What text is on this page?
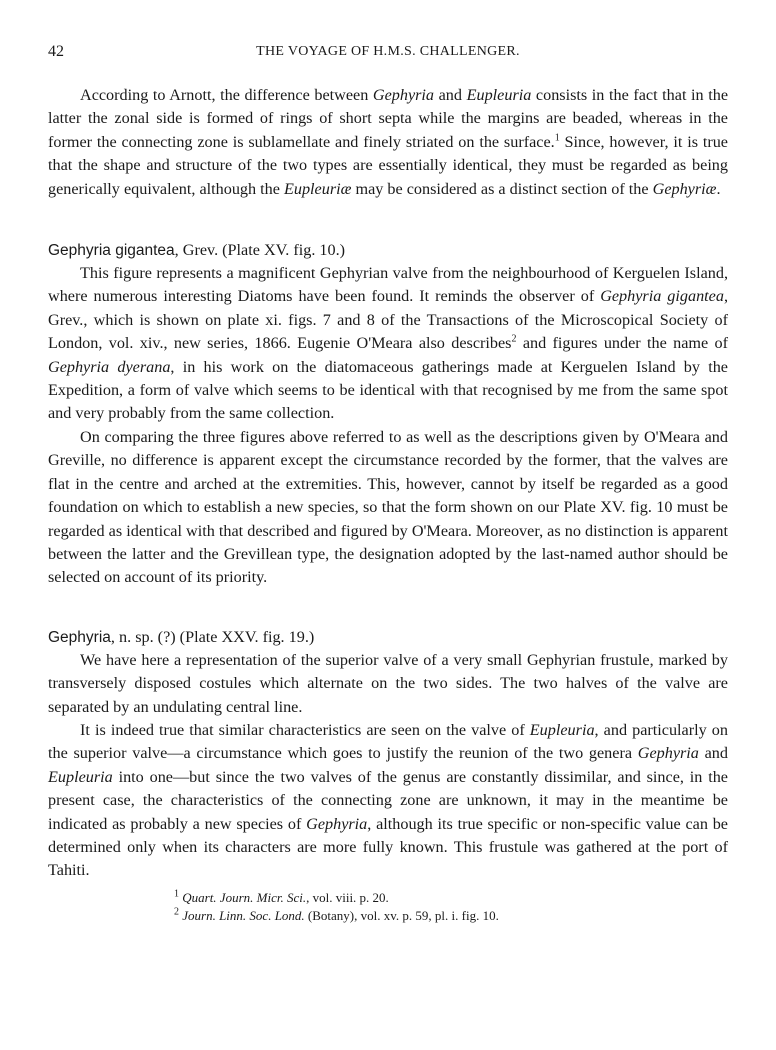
42	THE VOYAGE OF H.M.S. CHALLENGER.

According to Arnott, the difference between Gephyria and Eupleuria consists in the fact that in the latter the zonal side is formed of rings of short septa while the margins are beaded, whereas in the former the connecting zone is sublamellate and finely striated on the surface.$^1$ Since, however, it is true that the shape and structure of the two types are essentially identical, they must be regarded as being generically equivalent, although the Eupleuriæ may be considered as a distinct section of the Gephyriæ.

Gephyria gigantea, Grev. (Plate XV. fig. 10.)

This figure represents a magnificent Gephyrian valve from the neighbourhood of Kerguelen Island, where numerous interesting Diatoms have been found. It reminds the observer of Gephyria gigantea, Grev., which is shown on plate xi. figs. 7 and 8 of the Transactions of the Microscopical Society of London, vol. xiv., new series, 1866. Eugenie O'Meara also describes$^2$ and figures under the name of Gephyria dyerana, in his work on the diatomaceous gatherings made at Kerguelen Island by the Expedition, a form of valve which seems to be identical with that recognised by me from the same spot and very probably from the same collection.

On comparing the three figures above referred to as well as the descriptions given by O'Meara and Greville, no difference is apparent except the circumstance recorded by the former, that the valves are flat in the centre and arched at the extremities. This, however, cannot by itself be regarded as a good foundation on which to establish a new species, so that the form shown on our Plate XV. fig. 10 must be regarded as identical with that described and figured by O'Meara. Moreover, as no distinction is apparent between the latter and the Grevillean type, the designation adopted by the last-named author should be selected on account of its priority.

Gephyria, n. sp. (?) (Plate XXV. fig. 19.)

We have here a representation of the superior valve of a very small Gephyrian frustule, marked by transversely disposed costules which alternate on the two sides. The two halves of the valve are separated by an undulating central line.

It is indeed true that similar characteristics are seen on the valve of Eupleuria, and particularly on the superior valve—a circumstance which goes to justify the reunion of the two genera Gephyria and Eupleuria into one—but since the two valves of the genus are constantly dissimilar, and since, in the present case, the characteristics of the connecting zone are unknown, it may in the meantime be indicated as probably a new species of Gephyria, although its true specific or non-specific value can be determined only when its characters are more fully known. This frustule was gathered at the port of Tahiti.

$^1$ Quart. Journ. Micr. Sci., vol. viii. p. 20.
$^2$ Journ. Linn. Soc. Lond. (Botany), vol. xv. p. 59, pl. i. fig. 10.
